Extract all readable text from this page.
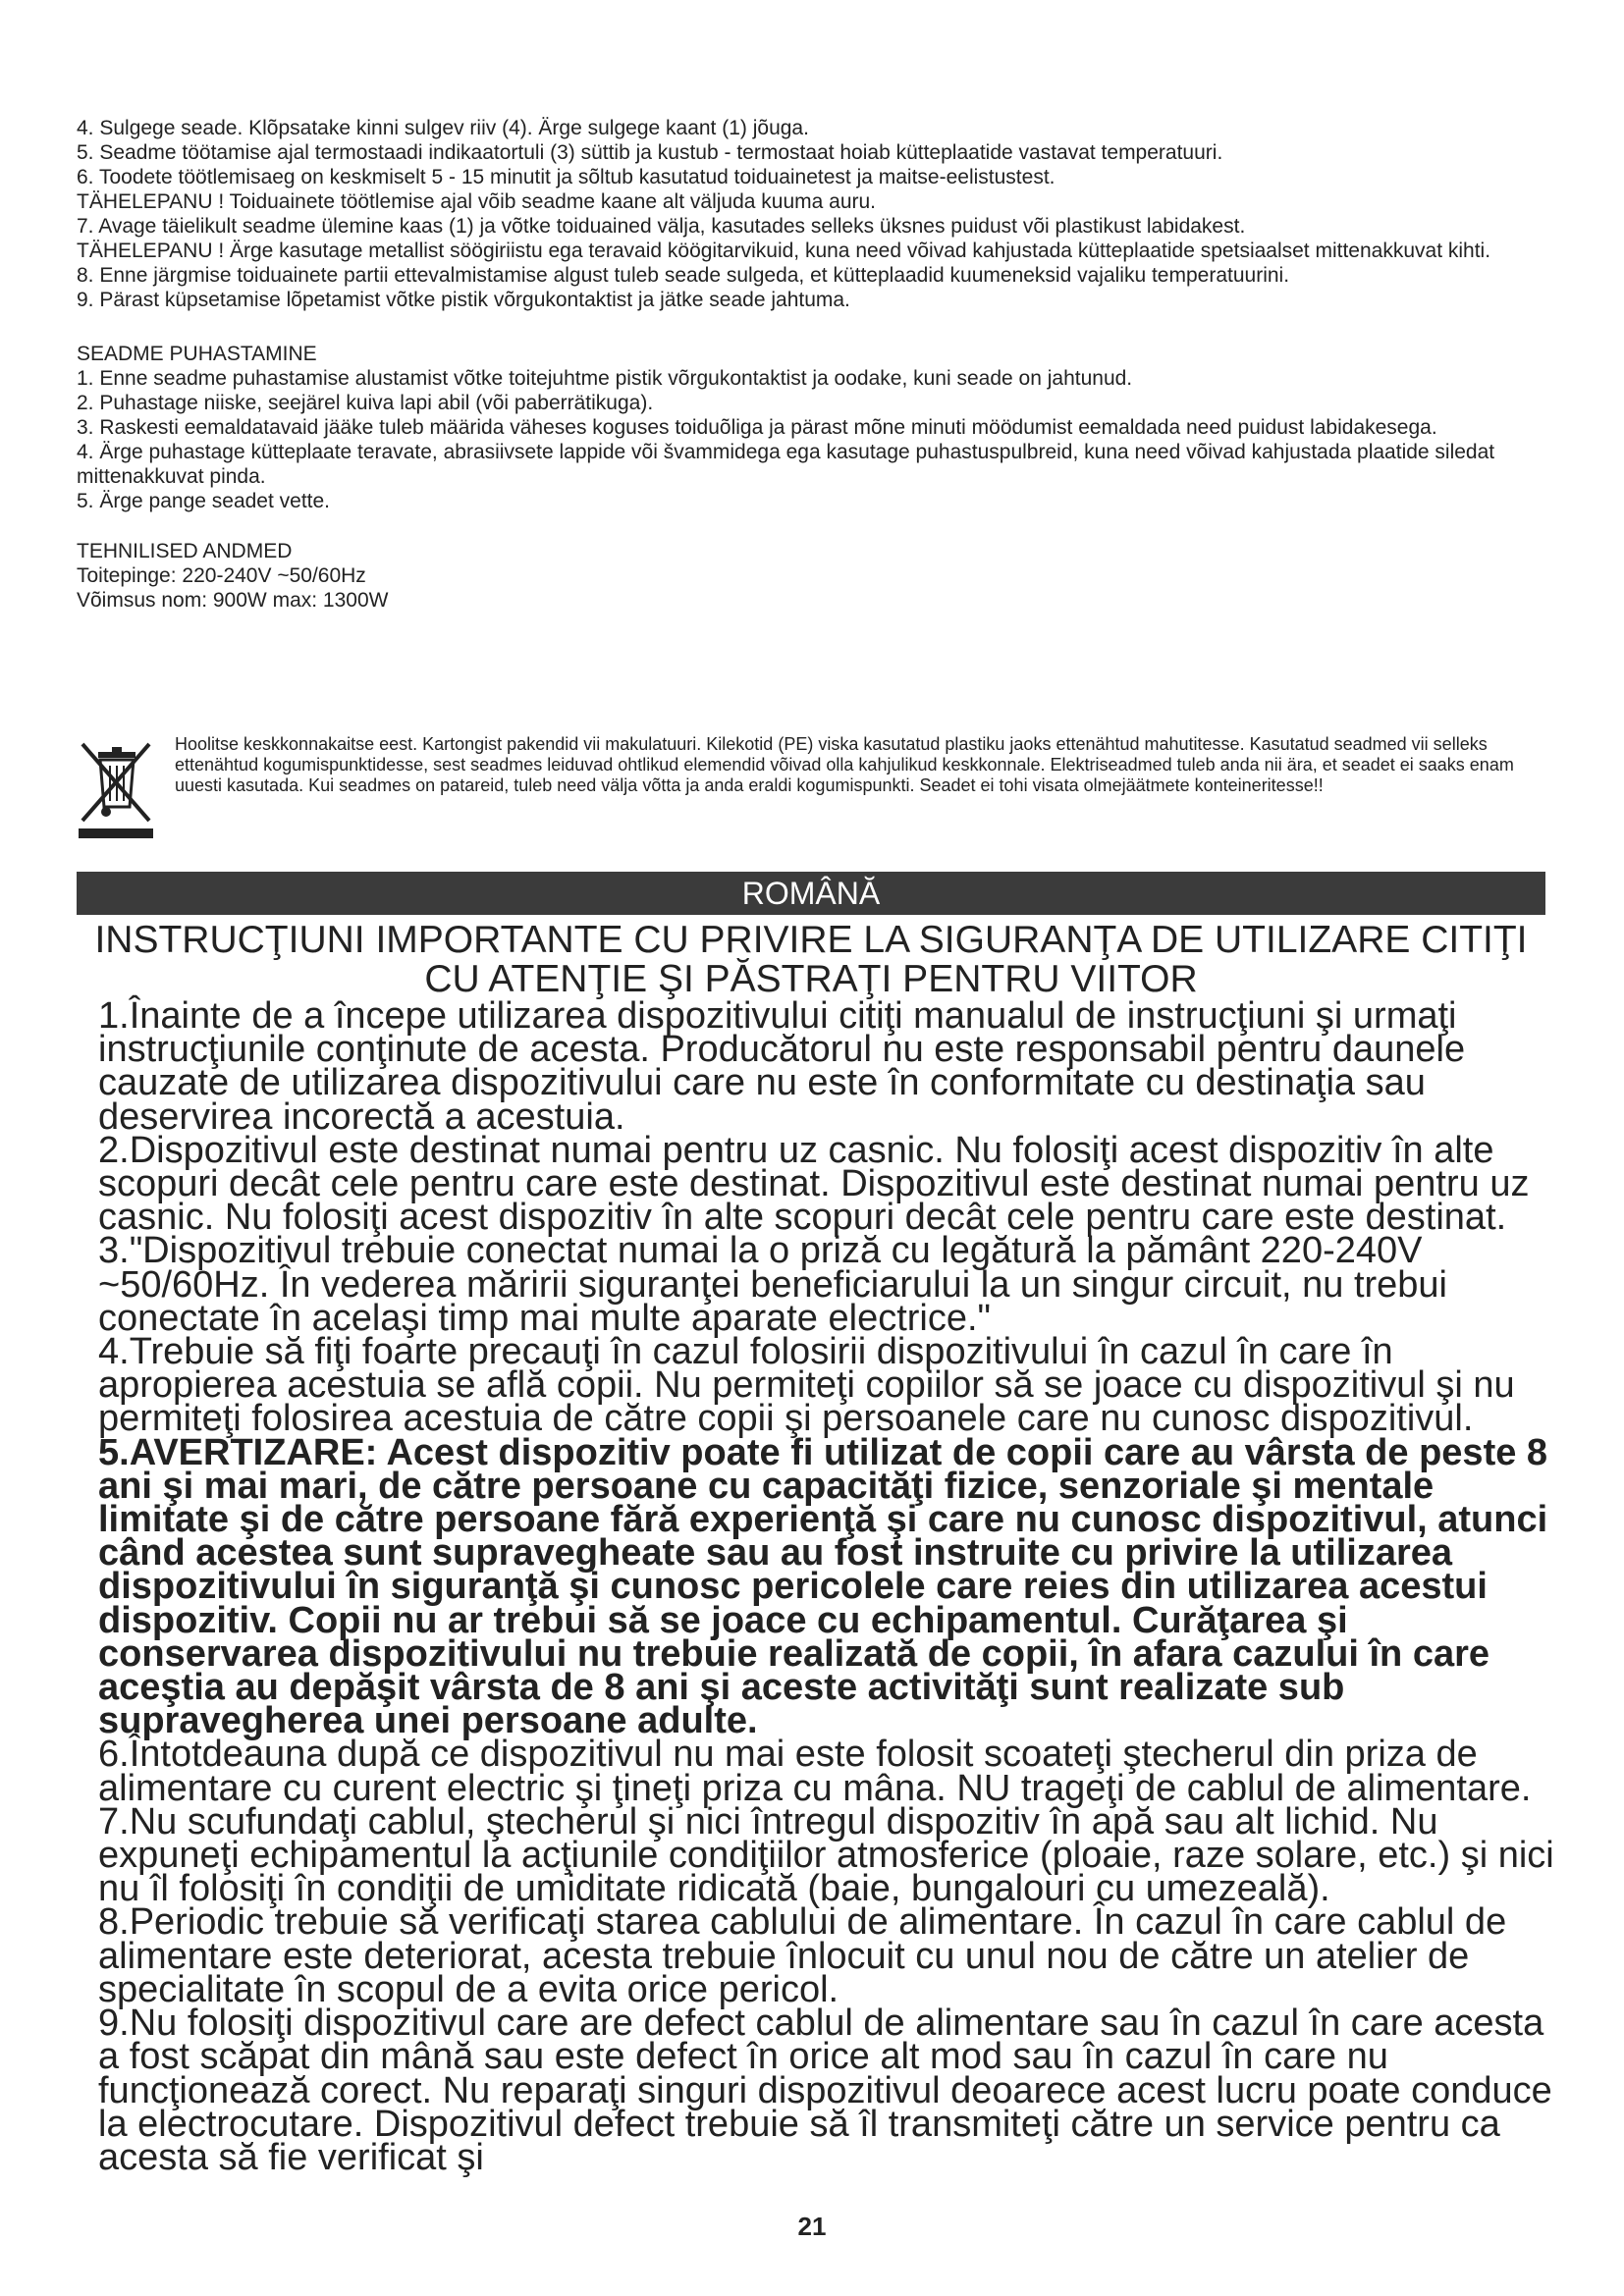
4. Sulgege seade. Klõpsatake kinni sulgev riiv (4). Ärge sulgege kaant (1) jõuga.

5. Seadme töötamise ajal termostaadi indikaatortuli (3) süttib ja kustub - termostaat hoiab kütteplaatide vastavat temperatuuri.

6. Toodete töötlemisaeg on keskmiselt 5 - 15 minutit ja sõltub kasutatud toiduainetest ja maitse-eelistustest.

TÄHELEPANU ! Toiduainete töötlemise ajal võib seadme kaane alt väljuda kuuma auru.

7. Avage täielikult seadme ülemine kaas (1) ja võtke toiduained välja, kasutades selleks üksnes puidust või plastikust labidakest.

TÄHELEPANU ! Ärge kasutage metallist söögiriistu ega teravaid köögitarvikuid, kuna need võivad kahjustada kütteplaatide spetsiaalset mittenakkuvat kihti.

8. Enne järgmise toiduainete partii ettevalmistamise algust tuleb seade sulgeda, et kütteplaadid kuumeneksid vajaliku temperatuurini.

9. Pärast küpsetamise lõpetamist võtke pistik võrgukontaktist ja jätke seade jahtuma.

SEADME PUHASTAMINE

1. Enne seadme puhastamise alustamist võtke toitejuhtme pistik võrgukontaktist ja oodake, kuni seade on jahtunud.

2. Puhastage niiske, seejärel kuiva lapi abil (või paberrätikuga).

3. Raskesti eemaldatavaid jääke tuleb määrida väheses koguses toiduõliga ja pärast mõne minuti möödumist eemaldada need puidust labidakesega.

4. Ärge puhastage kütteplaate teravate, abrasiivsete lappide või švammidega ega kasutage puhastuspulbreid, kuna need võivad kahjustada plaatide siledat mittenakkuvat pinda.

5. Ärge pange seadet vette.

TEHNILISED ANDMED

Toitepinge: 220-240V ~50/60Hz

Võimsus nom: 900W max: 1300W

Hoolitse keskkonnakaitse eest. Kartongist pakendid vii makulatuuri. Kilekotid (PE) viska kasutatud plastiku jaoks ettenähtud mahutitesse. Kasutatud seadmed vii selleks ettenähtud kogumispunktidesse, sest seadmes leiduvad ohtlikud elemendid võivad olla kahjulikud keskkonnale. Elektriseadmed tuleb anda nii ära, et seadet ei saaks enam uuesti kasutada. Kui seadmes on patareid, tuleb need välja võtta ja anda eraldi kogumispunkti. Seadet ei tohi visata olmejäätmete konteineritesse!!
ROMÂNĂ
INSTRUCŢIUNI IMPORTANTE CU PRIVIRE LA SIGURANŢA DE UTILIZARE CITIŢI CU ATENŢIE ŞI PĂSTRAŢI PENTRU VIITOR

1.Înainte de a începe utilizarea dispozitivului citiţi manualul de instrucţiuni şi urmaţi instrucţiunile conţinute de acesta. Producătorul nu este responsabil pentru daunele cauzate de utilizarea dispozitivului care nu este în conformitate cu destinaţia sau deservirea incorectă a acestuia.

2.Dispozitivul este destinat numai pentru uz casnic. Nu folosiţi acest dispozitiv în alte scopuri decât cele pentru care este destinat. Dispozitivul este destinat numai pentru uz casnic. Nu folosiţi acest dispozitiv în alte scopuri decât cele pentru care este destinat.

3."Dispozitivul trebuie conectat numai la o priză cu legătură la pământ 220-240V ~50/60Hz. În vederea măririi siguranţei beneficiarului la un singur circuit, nu trebui conectate în acelaşi timp mai multe aparate electrice."

4.Trebuie să fiţi foarte precauţi în cazul folosirii dispozitivului în cazul în care în apropierea acestuia se află copii. Nu permiteţi copiilor să se joace cu dispozitivul şi nu permiteţi folosirea acestuia de către copii şi persoanele care nu cunosc dispozitivul.

5.AVERTIZARE: Acest dispozitiv poate fi utilizat de copii care au vârsta de peste 8 ani şi mai mari, de către persoane cu capacităţi fizice, senzoriale şi mentale limitate şi de către persoane fără experienţă şi care nu cunosc dispozitivul, atunci când acestea sunt supravegheate sau au fost instruite cu privire la utilizarea dispozitivului în siguranţă şi cunosc pericolele care reies din utilizarea acestui dispozitiv. Copii nu ar trebui să se joace cu echipamentul. Curăţarea şi conservarea dispozitivului nu trebuie realizată de copii, în afara cazului în care aceştia au depăşit vârsta de 8 ani şi aceste activităţi sunt realizate sub supravegherea unei persoane adulte.

6.Întotdeauna după ce dispozitivul nu mai este folosit scoateţi ştecherul din priza de alimentare cu curent electric şi ţineţi priza cu mâna. NU trageţi de cablul de alimentare.

7.Nu scufundaţi cablul, ştecherul şi nici întregul dispozitiv în apă sau alt lichid. Nu expuneţi echipamentul la acţiunile condiţiilor atmosferice (ploaie, raze solare, etc.) şi nici nu îl folosiţi în condiţii de umiditate ridicată (baie, bungalouri cu umezeală).

8.Periodic trebuie să verificaţi starea cablului de alimentare. În cazul în care cablul de alimentare este deteriorat, acesta trebuie înlocuit cu unul nou de către un atelier de specialitate în scopul de a evita orice pericol.

9.Nu folosiţi dispozitivul care are defect cablul de alimentare sau în cazul în care acesta a fost scăpat din mână sau este defect în orice alt mod sau în cazul în care nu funcţionează corect. Nu reparaţi singuri dispozitivul deoarece acest lucru poate conduce la electrocutare. Dispozitivul defect trebuie să îl transmiteţi către un service pentru ca acesta să fie verificat şi

21
